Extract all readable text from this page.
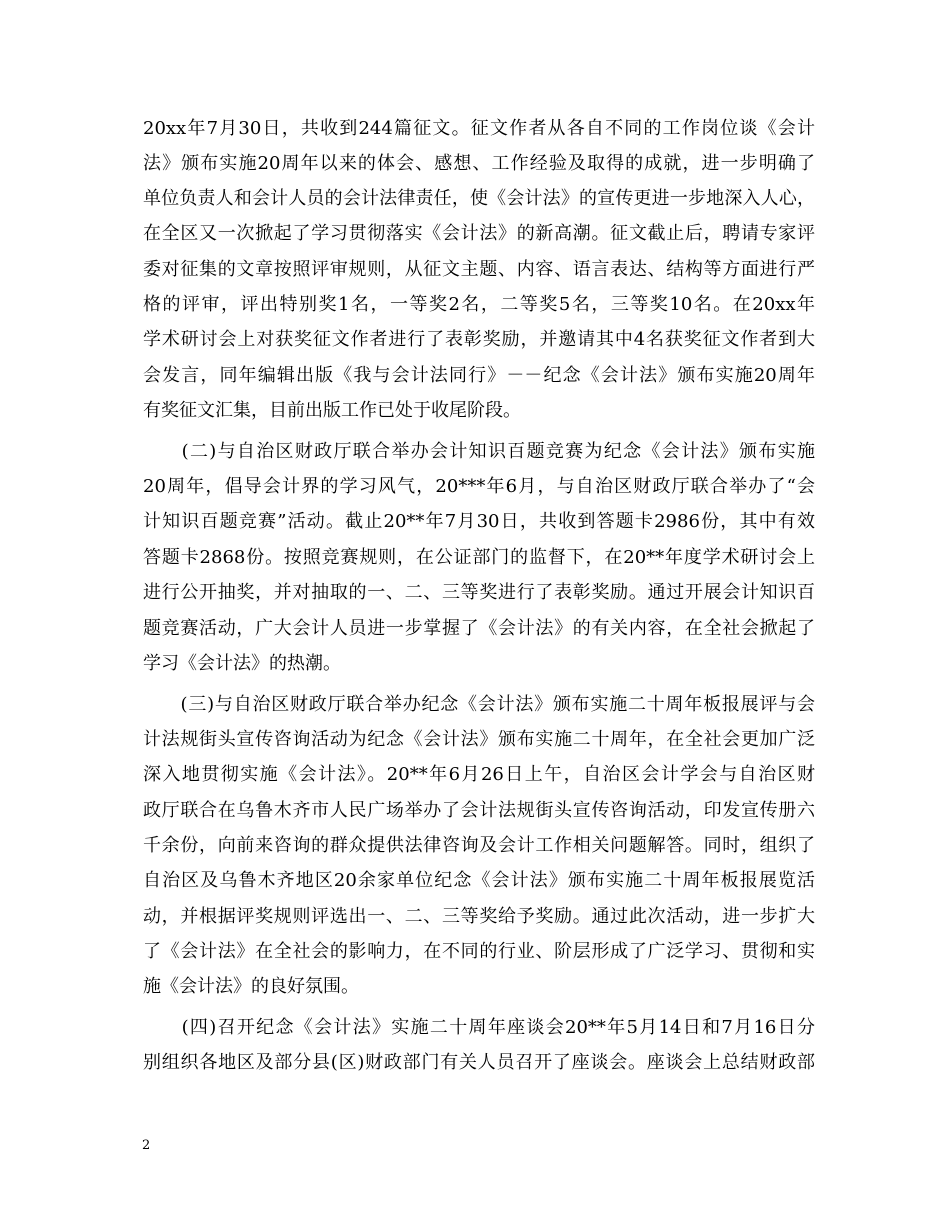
20xx年7月30日，共收到244篇征文。征文作者从各自不同的工作岗位谈《会计
法》颁布实施20周年以来的体会、感想、工作经验及取得的成就，进一步明确了
单位负责人和会计人员的会计法律责任，使《会计法》的宣传更进一步地深入人心，
在全区又一次掀起了学习贯彻落实《会计法》的新高潮。征文截止后，聘请专家评
委对征集的文章按照评审规则，从征文主题、内容、语言表达、结构等方面进行严
格的评审，评出特别奖1名，一等奖2名，二等奖5名，三等奖10名。在20xx年
学术研讨会上对获奖征文作者进行了表彰奖励，并邀请其中4名获奖征文作者到大
会发言，同年编辑出版《我与会计法同行》－－纪念《会计法》颁布实施20周年
有奖征文汇集，目前出版工作已处于收尾阶段。
　　(二)与自治区财政厅联合举办会计知识百题竞赛为纪念《会计法》颁布实施
20周年，倡导会计界的学习风气，20***年6月，与自治区财政厅联合举办了“会
计知识百题竞赛”活动。截止20**年7月30日，共收到答题卡2986份，其中有效
答题卡2868份。按照竞赛规则，在公证部门的监督下，在20**年度学术研讨会上
进行公开抽奖，并对抽取的一、二、三等奖进行了表彰奖励。通过开展会计知识百
题竞赛活动，广大会计人员进一步掌握了《会计法》的有关内容，在全社会掀起了
学习《会计法》的热潮。
　　(三)与自治区财政厅联合举办纪念《会计法》颁布实施二十周年板报展评与会
计法规街头宣传咨询活动为纪念《会计法》颁布实施二十周年，在全社会更加广泛
深入地贯彻实施《会计法》。20**年6月26日上午，自治区会计学会与自治区财
政厅联合在乌鲁木齐市人民广场举办了会计法规街头宣传咨询活动，印发宣传册六
千余份，向前来咨询的群众提供法律咨询及会计工作相关问题解答。同时，组织了
自治区及乌鲁木齐地区20余家单位纪念《会计法》颁布实施二十周年板报展览活
动，并根据评奖规则评选出一、二、三等奖给予奖励。通过此次活动，进一步扩大
了《会计法》在全社会的影响力，在不同的行业、阶层形成了广泛学习、贯彻和实
施《会计法》的良好氛围。
　　(四)召开纪念《会计法》实施二十周年座谈会20**年5月14日和7月16日分
别组织各地区及部分县(区)财政部门有关人员召开了座谈会。座谈会上总结财政部
2
